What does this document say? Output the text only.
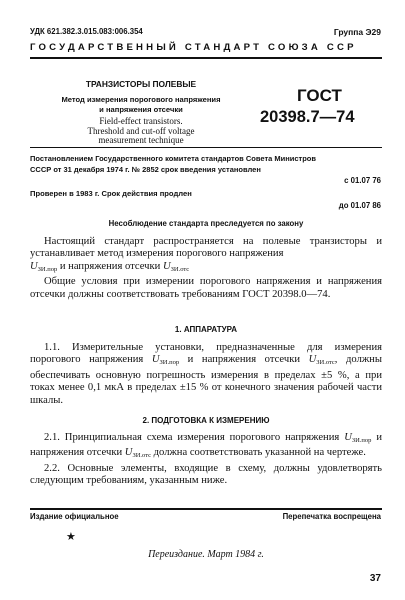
УДК 621.382.3.015.083:006.354	Группа Э29
ГОСУДАРСТВЕННЫЙ СТАНДАРТ СОЮЗА ССР
ТРАНЗИСТОРЫ ПОЛЕВЫЕ
Метод измерения порогового напряжения
и напряжения отсечки
Field-effect transistors.
Threshold and cut-off voltage
measurement technique
ГОСТ
20398.7—74
Постановлением Государственного комитета стандартов Совета Министров
СССР от 31 декабря 1974 г. № 2852 срок введения установлен
с 01.07 76
Проверен в 1983 г. Срок действия продлен
до 01.07 86
Несоблюдение стандарта преследуется по закону

Настоящий стандарт распространяется на полевые транзисторы и устанавливает метод измерения порогового напряжения
$U_{ЗИ.пор}$ и напряжения отсечки $U_{ЗИ.отс}$

Общие условия при измерении порогового напряжения и напряжения отсечки должны соответствовать требованиям ГОСТ 20398.0—74.

1. АППАРАТУРА

1.1. Измерительные установки, предназначенные для измерения порогового напряжения $U_{ЗИ.пор}$ и напряжения отсечки $U_{ЗИ.отс}$, должны обеспечивать основную погрешность измерения в пределах ±5 %, а при токах менее 0,1 мкА в пределах ±15 % от конечного значения рабочей части шкалы.

2. ПОДГОТОВКА К ИЗМЕРЕНИЮ

2.1. Принципиальная схема измерения порогового напряжения $U_{ЗИ.пор}$ и напряжения отсечки $U_{ЗИ.отс}$ должна соответствовать указанной на чертеже.

2.2. Основные элементы, входящие в схему, должны удовлетворять следующим требованиям, указанным ниже.

Издание официальное	Перепечатка воспрещена
★
Переиздание. Март 1984 г.
37
